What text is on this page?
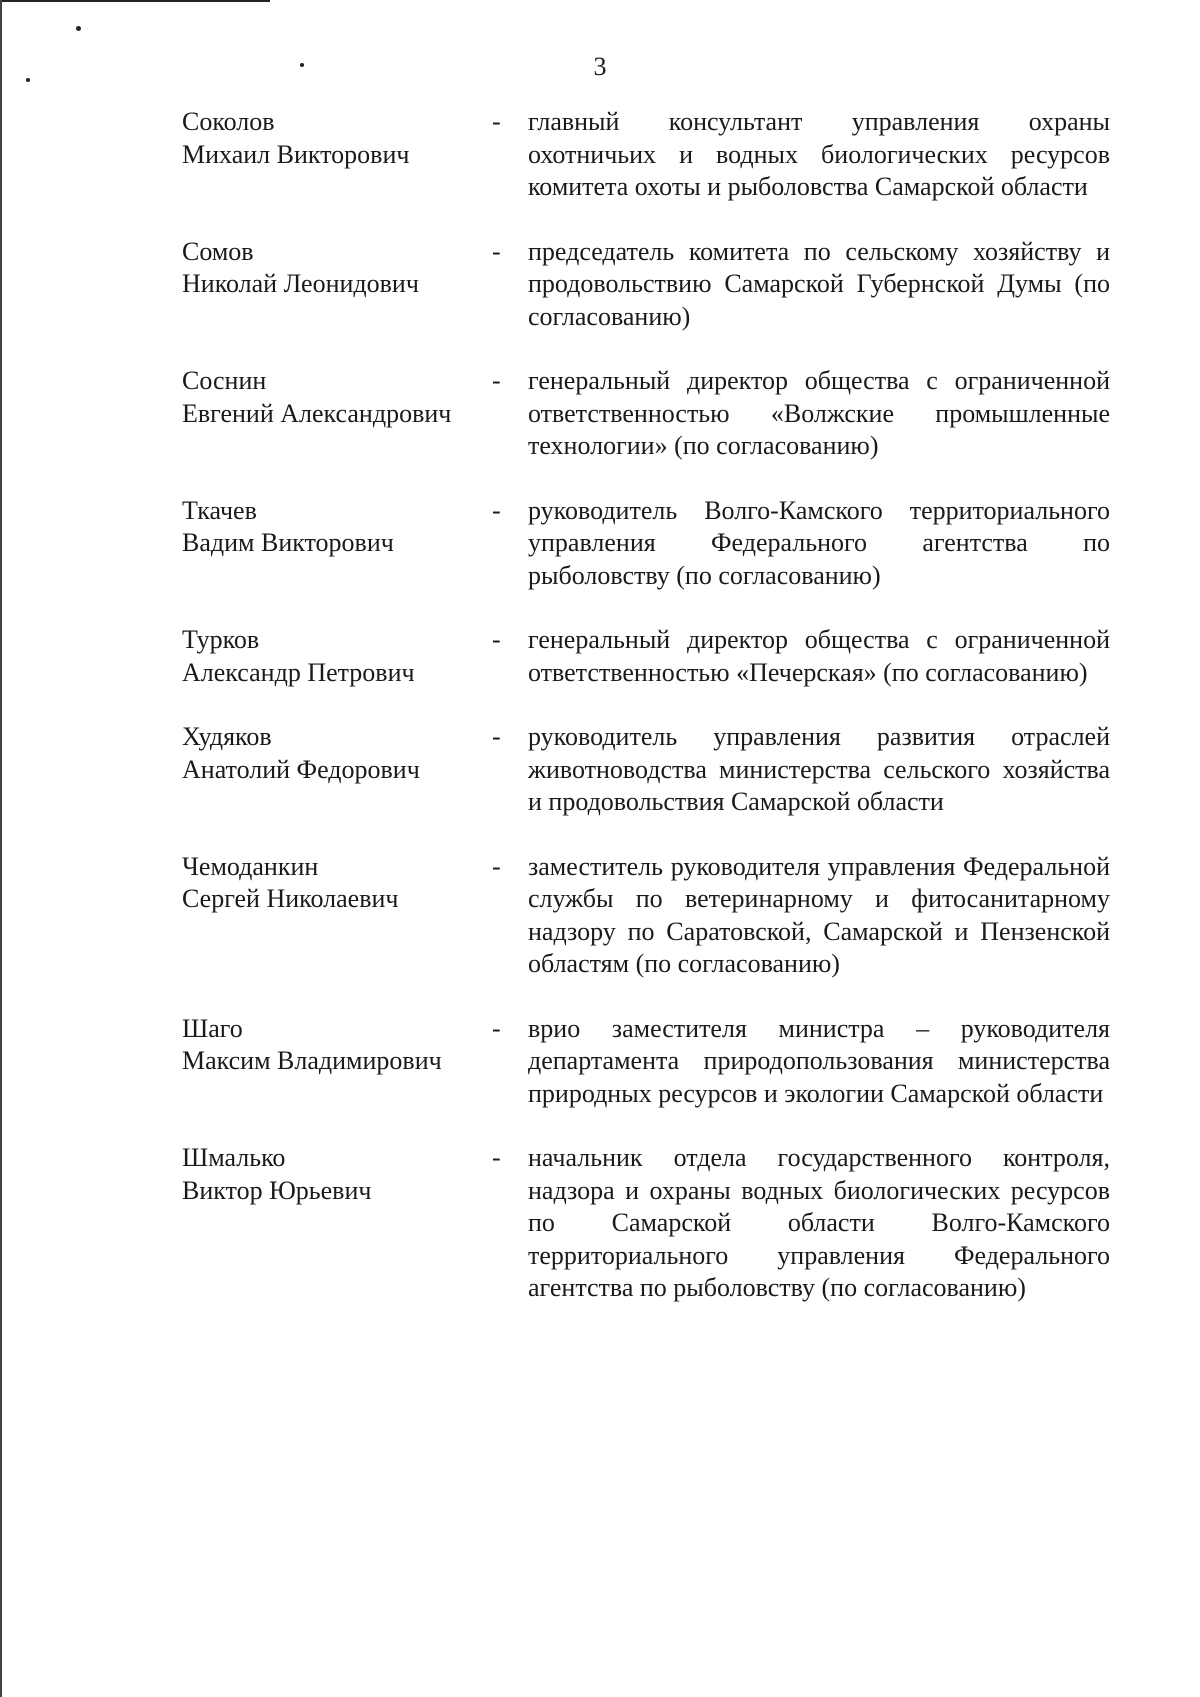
3
Соколов
Михаил Викторович
-	главный консультант управления охраны охотничьих и водных биологических ресурсов комитета охоты и рыболовства Самарской области
Сомов
Николай Леонидович
-	председатель комитета по сельскому хозяйству и продовольствию Самарской Губернской Думы (по согласованию)
Соснин
Евгений Александрович
-	генеральный директор общества с ограниченной ответственностью «Волжские промышленные технологии» (по согласованию)
Ткачев
Вадим Викторович
-	руководитель Волго-Камского территориального управления Федерального агентства по рыболовству (по согласованию)
Турков
Александр Петрович
-	генеральный директор общества с ограниченной ответственностью «Печерская» (по согласованию)
Худяков
Анатолий Федорович
-	руководитель управления развития отраслей животноводства министерства сельского хозяйства и продовольствия Самарской области
Чемоданкин
Сергей Николаевич
-	заместитель руководителя управления Федеральной службы по ветеринарному и фитосанитарному надзору по Саратовской, Самарской и Пензенской областям (по согласованию)
Шаго
Максим Владимирович
-	врио заместителя министра – руководителя департамента природопользования министерства природных ресурсов и экологии Самарской области
Шмалько
Виктор Юрьевич
-	начальник отдела государственного контроля, надзора и охраны водных биологических ресурсов по Самарской области Волго-Камского территориального управления Федерального агентства по рыболовству (по согласованию)
